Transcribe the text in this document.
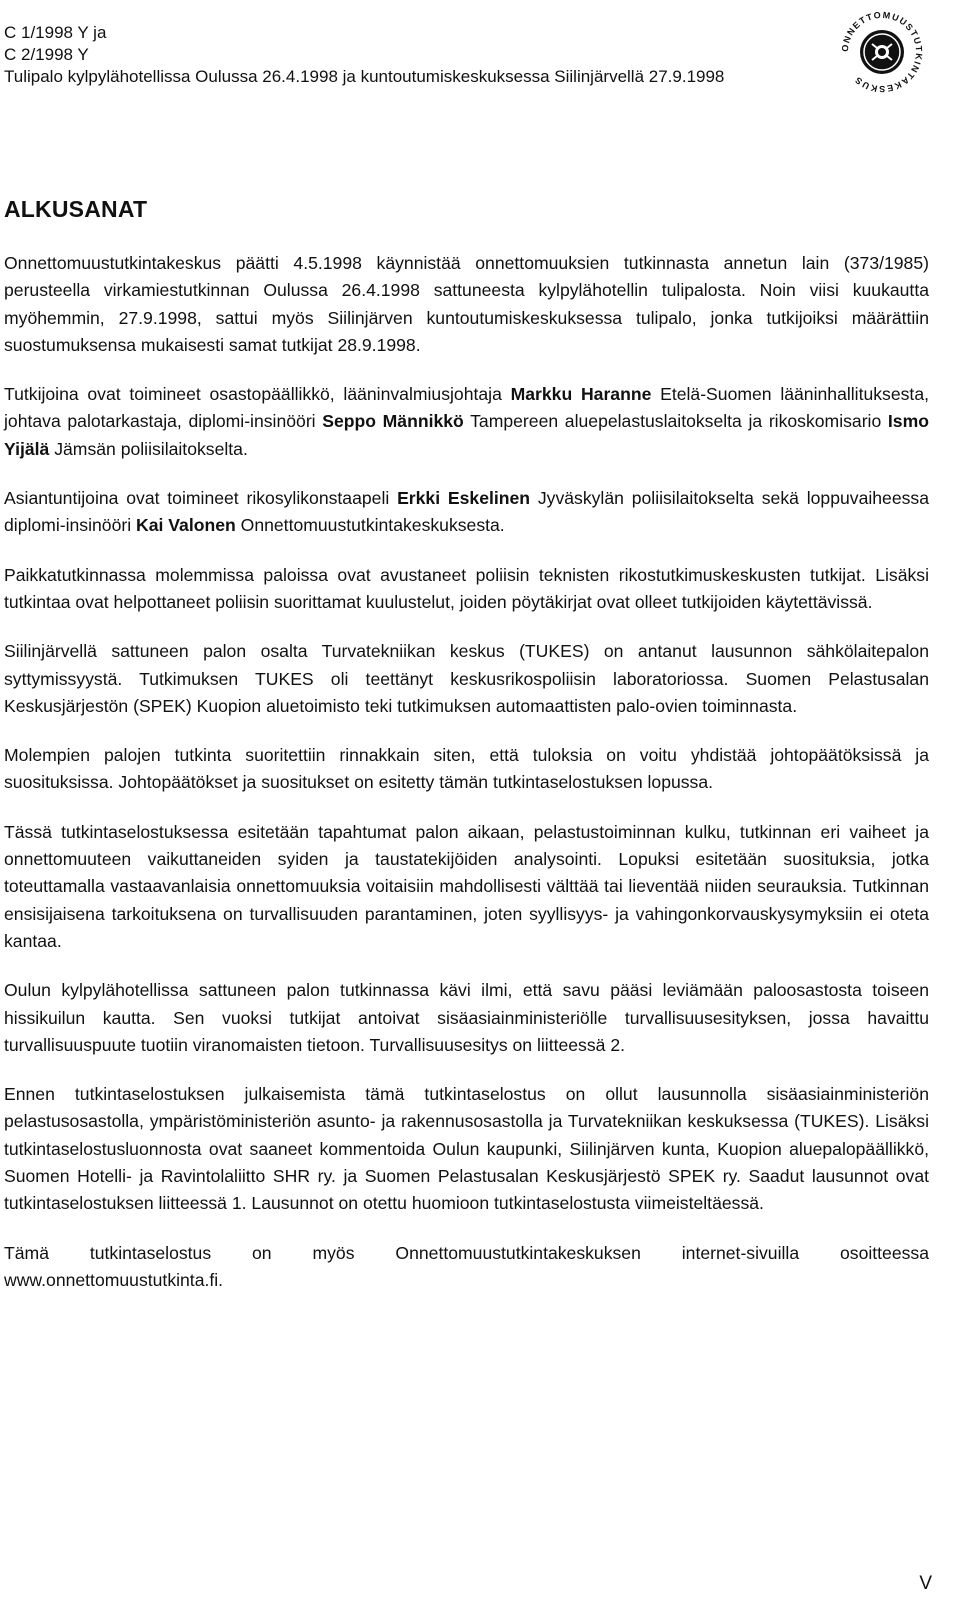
C 1/1998 Y ja
C 2/1998 Y
Tulipalo kylpylähotellissa Oulussa 26.4.1998 ja kuntoutumiskeskuksessa Siilinjärvellä 27.9.1998
ONNETTOMUUSTUTKINTAKESKUS
ALKUSANAT

Onnettomuustutkintakeskus päätti 4.5.1998 käynnistää onnettomuuksien tutkinnasta annetun lain (373/1985) perusteella virkamiestutkinnan Oulussa 26.4.1998 sattuneesta kylpylähotellin tulipalosta. Noin viisi kuukautta myöhemmin, 27.9.1998, sattui myös Siilinjärven kuntoutumiskeskuksessa tulipalo, jonka tutkijoiksi määrättiin suostumuksensa mukaisesti samat tutkijat 28.9.1998.

Tutkijoina ovat toimineet osastopäällikkö, lääninvalmiusjohtaja Markku Haranne Etelä-Suomen lääninhallituksesta, johtava palotarkastaja, diplomi-insinööri Seppo Männikkö Tampereen aluepelastuslaitokselta ja rikoskomisario Ismo Yijälä Jämsän poliisilaitokselta.

Asiantuntijoina ovat toimineet rikosylikonstaapeli Erkki Eskelinen Jyväskylän poliisilaitokselta sekä loppuvaiheessa diplomi-insinööri Kai Valonen Onnettomuustutkintakeskuksesta.

Paikkatutkinnassa molemmissa paloissa ovat avustaneet poliisin teknisten rikostutkimuskeskusten tutkijat. Lisäksi tutkintaa ovat helpottaneet poliisin suorittamat kuulustelut, joiden pöytäkirjat ovat olleet tutkijoiden käytettävissä.

Siilinjärvellä sattuneen palon osalta Turvatekniikan keskus (TUKES) on antanut lausunnon sähkölaitepalon syttymissyystä. Tutkimuksen TUKES oli teettänyt keskusrikospoliisin laboratoriossa. Suomen Pelastusalan Keskusjärjestön (SPEK) Kuopion aluetoimisto teki tutkimuksen automaattisten palo-ovien toiminnasta.

Molempien palojen tutkinta suoritettiin rinnakkain siten, että tuloksia on voitu yhdistää johtopäätöksissä ja suosituksissa. Johtopäätökset ja suositukset on esitetty tämän tutkintaselostuksen lopussa.

Tässä tutkintaselostuksessa esitetään tapahtumat palon aikaan, pelastustoiminnan kulku, tutkinnan eri vaiheet ja onnettomuuteen vaikuttaneiden syiden ja taustatekijöiden analysointi. Lopuksi esitetään suosituksia, jotka toteuttamalla vastaavanlaisia onnettomuuksia voitaisiin mahdollisesti välttää tai lieventää niiden seurauksia. Tutkinnan ensisijaisena tarkoituksena on turvallisuuden parantaminen, joten syyllisyys- ja vahingonkorvauskysymyksiin ei oteta kantaa.

Oulun kylpylähotellissa sattuneen palon tutkinnassa kävi ilmi, että savu pääsi leviämään paloosastosta toiseen hissikuilun kautta. Sen vuoksi tutkijat antoivat sisäasiainministeriölle turvallisuusesityksen, jossa havaittu turvallisuuspuute tuotiin viranomaisten tietoon. Turvallisuusesitys on liitteessä 2.

Ennen tutkintaselostuksen julkaisemista tämä tutkintaselostus on ollut lausunnolla sisäasiainministeriön pelastusosastolla, ympäristöministeriön asunto- ja rakennusosastolla ja Turvatekniikan keskuksessa (TUKES). Lisäksi tutkintaselostusluonnosta ovat saaneet kommentoida Oulun kaupunki, Siilinjärven kunta, Kuopion aluepalopäällikkö, Suomen Hotelli- ja Ravintolaliitto SHR ry. ja Suomen Pelastusalan Keskusjärjestö SPEK ry. Saadut lausunnot ovat tutkintaselostuksen liitteessä 1. Lausunnot on otettu huomioon tutkintaselostusta viimeisteltäessä.

Tämä tutkintaselostus on myös Onnettomuustutkintakeskuksen internet-sivuilla osoitteessa www.onnettomuustutkinta.fi.

V
